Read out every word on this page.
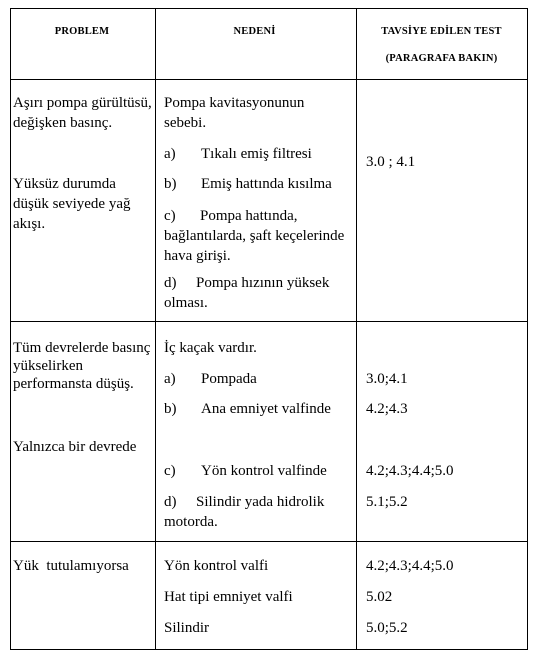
PROBLEM	NEDENİ	TAVSİYE EDİLEN TEST
(PARAGRAFA BAKIN)
Aşırı pompa gürültüsü,
değişken basınç.
Yüksüz durumda
düşük seviyede yağ
akışı.
Pompa kavitasyonunun
sebebi.
a) Tıkalı emiş filtresi
b) Emiş hattında kısılma
c) Pompa hattında,
bağlantılarda, şaft keçelerinde
hava girişi.
d) Pompa hızının yüksek
olması.
3.0 ; 4.1
Tüm devrelerde basınç
yükselirken
performansta düşüş.
Yalnızca bir devrede
İç kaçak vardır.
a) Pompada
b) Ana emniyet valfinde
c) Yön kontrol valfinde
d) Silindir yada hidrolik
motorda.
3.0;4.1
4.2;4.3
4.2;4.3;4.4;5.0
5.1;5.2
Yük  tutulamıyorsa Yön kontrol valfi
Hat tipi emniyet valfi
Silindir
4.2;4.3;4.4;5.0
5.02
5.0;5.2
